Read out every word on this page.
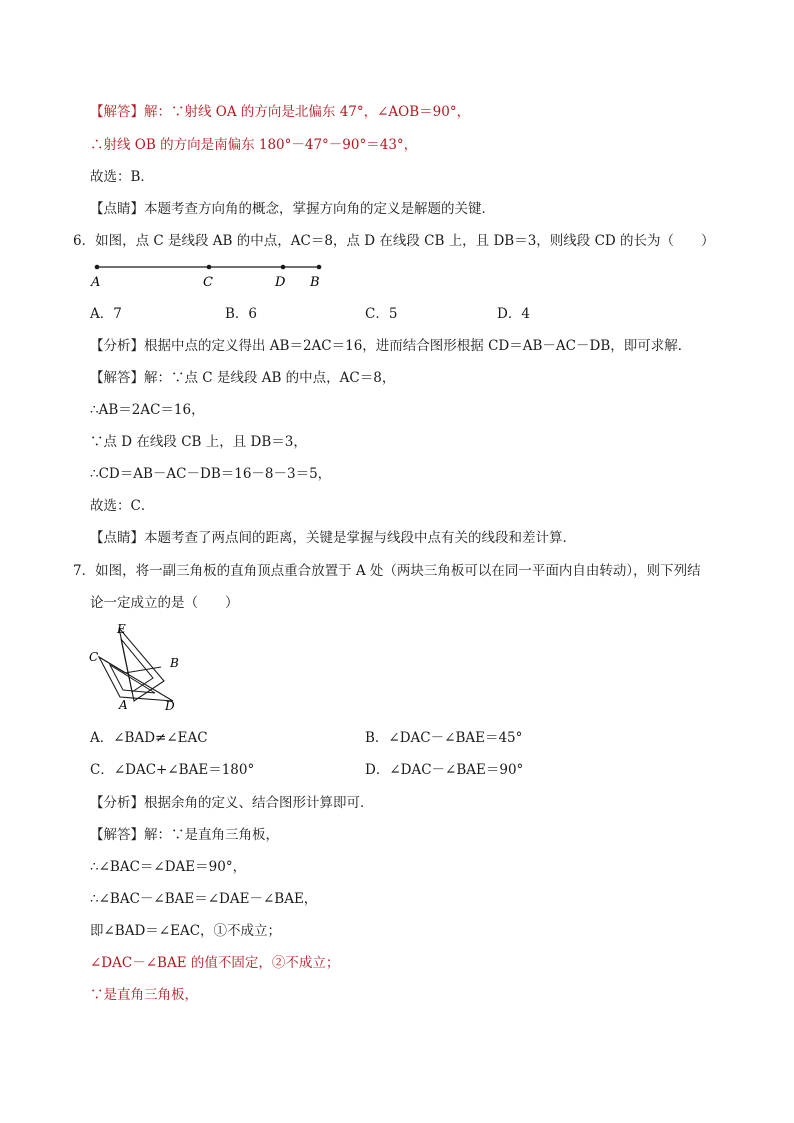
【解答】解：∵射线 OA 的方向是北偏东 47°，∠AOB＝90°，
∴射线 OB 的方向是南偏东 180°－47°－90°＝43°，
故选：B．
【点睛】本题考查方向角的概念，掌握方向角的定义是解题的关键．
6．如图，点 C 是线段 AB 的中点，AC＝8，点 D 在线段 CB 上，且 DB＝3，则线段 CD 的长为（　　）
A	C	D B
A．7	B．6	C．5	D．4
【分析】根据中点的定义得出 AB＝2AC＝16，进而结合图形根据 CD＝AB－AC－DB，即可求解．
【解答】解：∵点 C 是线段 AB 的中点，AC＝8，
∴AB＝2AC＝16，
∵点 D 在线段 CB 上，且 DB＝3，
∴CD＝AB－AC－DB＝16－8－3＝5，
故选：C．
【点睛】本题考查了两点间的距离，关键是掌握与线段中点有关的线段和差计算．
7．如图，将一副三角板的直角顶点重合放置于 A 处（两块三角板可以在同一平面内自由转动），则下列结
论一定成立的是（　　）
E
C	B
A	D
A．∠BAD≠∠EAC	B．∠DAC－∠BAE＝45°
C．∠DAC+∠BAE＝180°	D．∠DAC－∠BAE＝90°
【分析】根据余角的定义、结合图形计算即可．
【解答】解：∵是直角三角板，
∴∠BAC＝∠DAE＝90°，
∴∠BAC－∠BAE＝∠DAE－∠BAE，
即∠BAD＝∠EAC，①不成立；
∠DAC－∠BAE 的值不固定，②不成立；
∵是直角三角板，
